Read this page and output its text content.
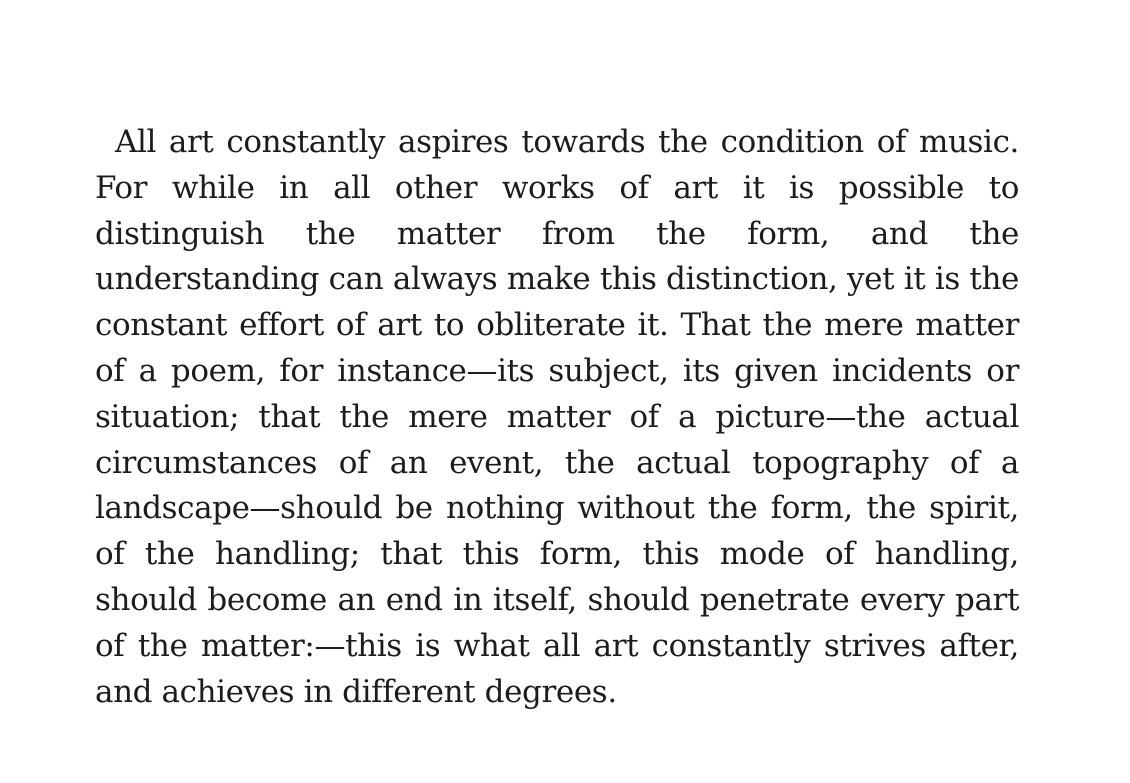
All art constantly aspires towards the condition of music. For while in all other works of art it is possible to distinguish the matter from the form, and the understanding can always make this distinction, yet it is the constant effort of art to obliterate it. That the mere matter of a poem, for instance—its subject, its given incidents or situation; that the mere matter of a picture—the actual circumstances of an event, the actual topography of a landscape—should be nothing without the form, the spirit, of the handling; that this form, this mode of handling, should become an end in itself, should penetrate every part of the matter:—this is what all art constantly strives after, and achieves in different degrees.
